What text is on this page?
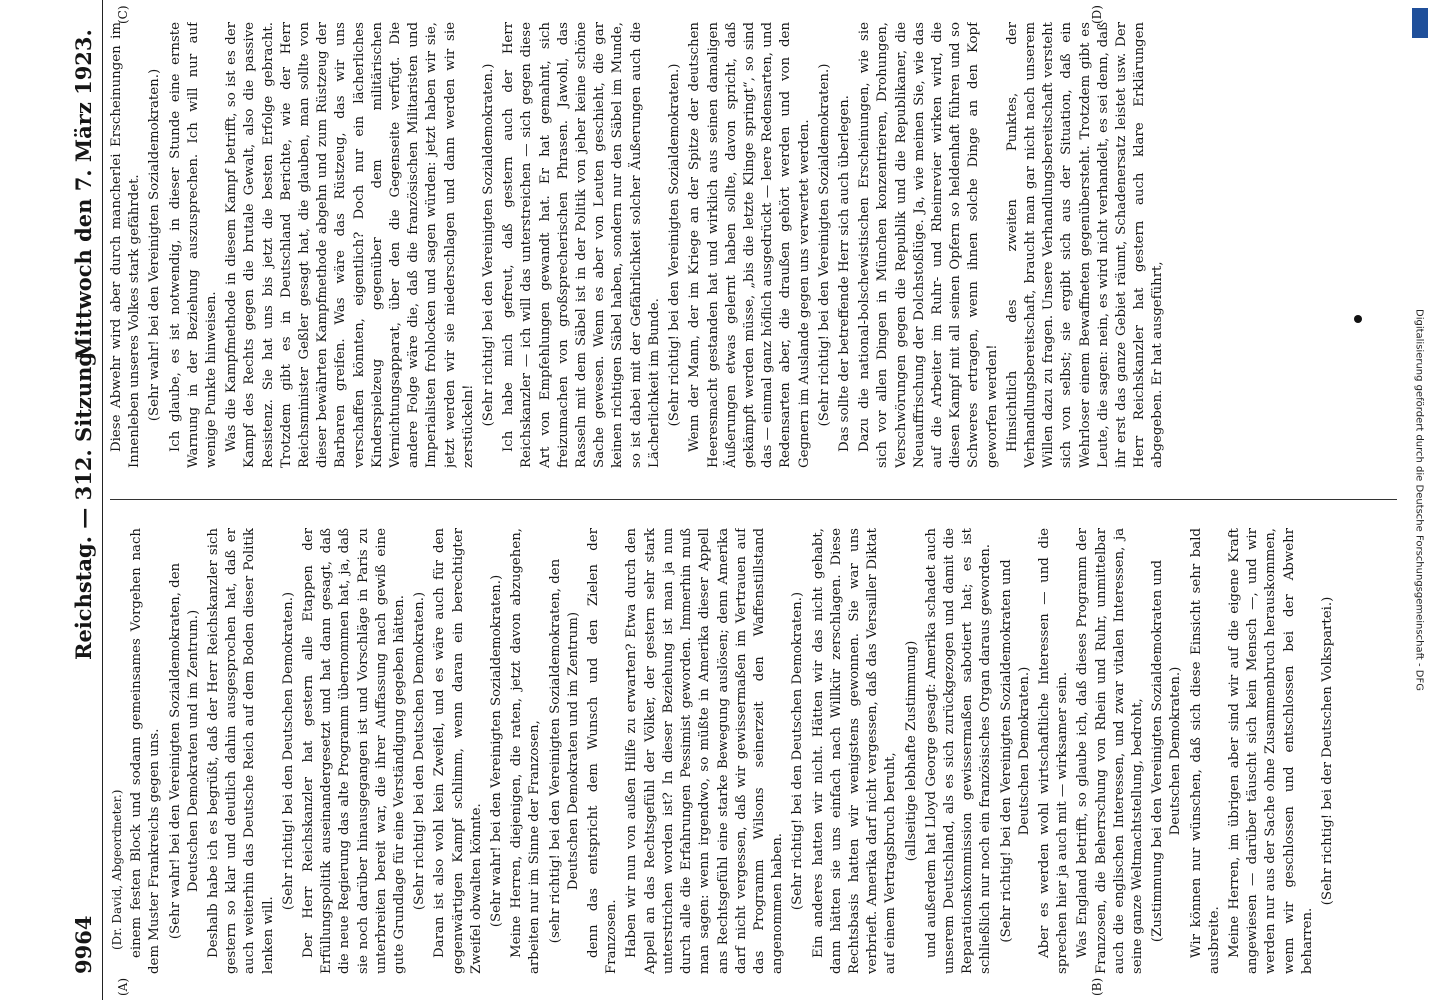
9964
Reichstag. — 312. Sitzung.
Mittwoch den 7. März 1923.
(A)	(B)
(C)	(D)

(Dr. David, Abgeordneter.) einem festen Block und sodann gemeinsames Vorgehen nach dem Muster Frankreichs gegen uns. (Sehr wahr! bei den Vereinigten Sozialdemokraten, den Deutschen Demokraten und im Zentrum.) Deshalb habe ich es begrüßt, daß der Herr Reichskanzler sich gestern so klar und deutlich dahin ausgesprochen hat, daß er auch weiterhin das Deutsche Reich auf dem Boden dieser Politik lenken will.

(Sehr richtig! bei den Deutschen Demokraten.) Der Herr Reichskanzler hat gestern alle Etappen der Erfüllungspolitik auseinandergesetzt und hat dann gesagt, daß die neue Regierung das alte Programm übernommen hat, ja, daß sie noch darüber hinausgegangen ist und Vorschläge in Paris zu unterbreiten bereit war, die ihrer Auffassung nach gewiß eine gute Grundlage für eine Verständigung gegeben hätten. (Sehr richtig! bei den Deutschen Demokraten.) Daran ist also wohl kein Zweifel, und es wäre auch für den gegenwärtigen Kampf schlimm, wenn daran ein berechtigter Zweifel obwalten könnte. (Sehr wahr! bei den Vereinigten Sozialdemokraten.) Meine Herren, diejenigen, die raten, jetzt davon abzugehen, arbeiten nur im Sinne der Franzosen, (sehr richtig! bei den Vereinigten Sozialdemokraten, den Deutschen Demokraten und im Zentrum) denn das entspricht dem Wunsch und den Zielen der Franzosen. Haben wir nun von außen Hilfe zu erwarten? Etwa durch den Appell an das Rechtsgefühl der Völker, der gestern sehr stark unterstrichen worden ist? In dieser Beziehung ist man ja nun durch alle die Erfahrungen Pessimist geworden. Immerhin muß man sagen: wenn irgendwo, so müßte in Amerika dieser Appell ans Rechtsgefühl eine starke Bewegung auslösen; denn Amerika darf nicht vergessen, daß wir gewissermaßen im Vertrauen auf das Programm Wilsons seinerzeit den Waffenstillstand angenommen haben. (Sehr richtig! bei den Deutschen Demokraten.) Ein anderes hatten wir nicht. Hätten wir das nicht gehabt, dann hätten sie uns einfach nach Willkür zerschlagen. Diese Rechtsbasis hatten wir wenigstens gewonnen. Sie war uns verbrieft. Amerika darf nicht vergessen, daß das Versailler Diktat auf einem Vertragsbruch beruht,

(allseitige lebhafte Zustimmung) und außerdem hat Lloyd George gesagt: Amerika schadet auch unserem Deutschland, als es sich zurückgezogen und damit die Reparationskommission gewissermaßen sabotiert hat; es ist schließlich nur noch ein französisches Organ daraus geworden. (Sehr richtig! bei den Vereinigten Sozialdemokraten und Deutschen Demokraten.) Aber es werden wohl wirtschaftliche Interessen — und die sprechen hier ja auch mit — wirksamer sein. Was England betrifft, so glaube ich, daß dieses Programm der Franzosen, die Beherrschung von Rhein und Ruhr, unmittelbar auch die englischen Interessen, und zwar vitalen Interessen, ja seine ganze Weltmachtstellung, bedroht, (Zustimmung bei den Vereinigten Sozialdemokraten und Deutschen Demokraten.) Wir können nur wünschen, daß sich diese Einsicht sehr bald ausbreite. Meine Herren, im übrigen aber sind wir auf die eigene Kraft angewiesen — darüber täuscht sich kein Mensch —, und wir werden nur aus der Sache ohne Zusammenbruch herauskommen, wenn wir geschlossen und entschlossen bei der Abwehr beharren.

(Sehr richtig! bei der Deutschen Volkspartei.)

Diese Abwehr wird aber durch mancherlei Erscheinungen im Innenleben unseres Volkes stark gefährdet. (Sehr wahr! bei den Vereinigten Sozialdemokraten.) Ich glaube, es ist notwendig, in dieser Stunde eine ernste Warnung in der Beziehung auszusprechen. Ich will nur auf wenige Punkte hinweisen. Was die Kampfmethode in diesem Kampf betrifft, so ist es der Kampf des Rechts gegen die brutale Gewalt, also die passive Resistenz. Sie hat uns bis jetzt die besten Erfolge gebracht. Trotzdem gibt es in Deutschland Berichte, wie der Herr Reichsminister Geßler gesagt hat, die glauben, man sollte von dieser bewährten Kampfmethode abgehn und zum Rüstzeug der Barbaren greifen. Was wäre das Rüstzeug, das wir uns verschaffen könnten, eigentlich? Doch nur ein lächerliches Kinderspielzeug gegenüber dem militärischen Vernichtungsapparat, über den die Gegenseite verfügt. Die andere Folge wäre die, daß die französischen Militaristen und Imperialisten frohlocken und sagen würden: jetzt haben wir sie, jetzt werden wir sie niederschlagen und dann werden wir sie zerstückeln! (Sehr richtig! bei den Vereinigten Sozialdemokraten.) Ich habe mich gefreut, daß gestern auch der Herr Reichskanzler — ich will das unterstreichen — sich gegen diese Art von Empfehlungen gewandt hat. Er hat gemahnt, sich freizumachen von großsprecherischen Phrasen. Jawohl, das Rasseln mit dem Säbel ist in der Politik von jeher keine schöne Sache gewesen. Wenn es aber von Leuten geschieht, die gar keinen richtigen Säbel haben, sondern nur den Säbel im Munde, so ist dabei mit der Gefährlichkeit solcher Äußerungen auch die Lächerlichkeit im Bunde. (Sehr richtig! bei den Vereinigten Sozialdemokraten.) Wenn der Mann, der im Kriege an der Spitze der deutschen Heeresmacht gestanden hat und wirklich aus seinen damaligen Äußerungen etwas gelernt haben sollte, davon spricht, daß gekämpft werden müsse, „bis die letzte Klinge springt“, so sind das — einmal ganz höflich ausgedrückt — leere Redensarten, und Redensarten aber, die draußen gehört werden und von den Gegnern im Auslande gegen uns verwertet werden. (Sehr richtig! bei den Vereinigten Sozialdemokraten.) Das sollte der betreffende Herr sich auch überlegen. Dazu die national-bolschewistischen Erscheinungen, wie sie sich vor allen Dingen in München konzentrieren, Drohungen, Verschwörungen gegen die Republik und die Republikaner, die Neuauffrischung der Dolchstoßlüge. Ja, wie meinen Sie, wie das auf die Arbeiter im Ruhr- und Rheinrevier wirken wird, die diesen Kampf mit all seinen Opfern so heldenhaft führen und so Schweres ertragen, wenn ihnen solche Dinge an den Kopf geworfen werden! Hinsichtlich des zweiten Punktes, der Verhandlungsbereitschaft, braucht man gar nicht nach unserem Willen dazu zu fragen. Unsere Verhandlungsbereitschaft versteht sich von selbst; sie ergibt sich aus der Situation, daß ein Wehrloser einem Bewaffneten gegenübersteht. Trotzdem gibt es Leute, die sagen: nein, es wird nicht verhandelt, es sei denn, daß ihr erst das ganze Gebiet räumt, Schadenersatz leistet usw. Der Herr Reichskanzler hat gestern auch klare Erklärungen abgegeben. Er hat ausgeführt,	Digitalisierung gefördert durch die Deutsche Forschungsgemeinschaft - DFG
